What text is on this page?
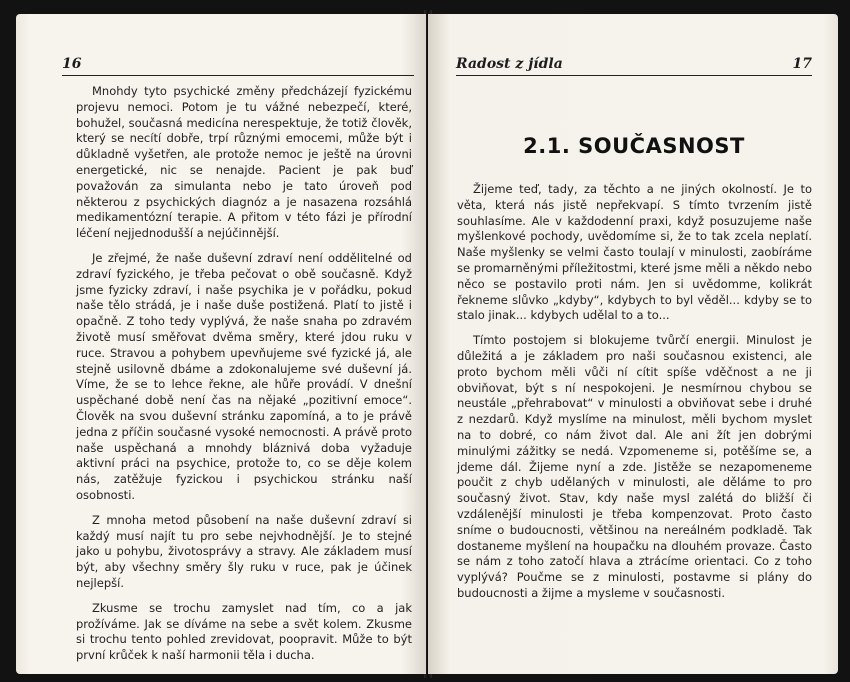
16

Mnohdy tyto psychické změny předcházejí fyzickému projevu nemoci. Potom je tu vážné nebezpečí, které, bohužel, současná medicína nerespektuje, že totiž člověk, který se necítí dobře, trpí různými emocemi, může být i důkladně vyšetřen, ale protože nemoc je ještě na úrovni energetické, nic se nenajde. Pacient je pak buď považován za simulanta nebo je tato úroveň pod některou z psychických diagnóz a je nasazena rozsáhlá medikamentózní terapie. A přitom v této fázi je přírodní léčení nejjednodušší a nejúčinnější.

Je zřejmé, že naše duševní zdraví není oddělitelné od zdraví fyzického, je třeba pečovat o obě současně. Když jsme fyzicky zdraví, i naše psychika je v pořádku, pokud naše tělo strádá, je i naše duše postižená. Platí to jistě i opačně. Z toho tedy vyplývá, že naše snaha po zdravém životě musí směřovat dvěma směry, které jdou ruku v ruce. Stravou a pohybem upevňujeme své fyzické já, ale stejně usilovně dbáme a zdokonalujeme své duševní já. Víme, že se to lehce řekne, ale hůře provádí. V dnešní uspěchané době není čas na nějaké „pozitivní emoce“. Člověk na svou duševní stránku zapomíná, a to je právě jedna z příčin současné vysoké nemocnosti. A právě proto naše uspěchaná a mnohdy bláznivá doba vyžaduje aktivní práci na psychice, protože to, co se děje kolem nás, zatěžuje fyzickou i psychickou stránku naší osobnosti.

Z mnoha metod působení na naše duševní zdraví si každý musí najít tu pro sebe nejvhodnější. Je to stejné jako u pohybu, životosprávy a stravy. Ale základem musí být, aby všechny směry šly ruku v ruce, pak je účinek nejlepší.

Zkusme se trochu zamyslet nad tím, co a jak prožíváme. Jak se díváme na sebe a svět kolem. Zkusme si trochu tento pohled zrevidovat, poopravit. Může to být první krůček k naší harmonii těla i ducha.

Radost z jídla	17
2.1. SOUČASNOST

Žijeme teď, tady, za těchto a ne jiných okolností. Je to věta, která nás jistě nepřekvapí. S tímto tvrzením jistě souhlasíme. Ale v každodenní praxi, když posuzujeme naše myšlenkové pochody, uvědomíme si, že to tak zcela neplatí. Naše myšlenky se velmi často toulají v minulosti, zaobíráme se promarněnými příležitostmi, které jsme měli a někdo nebo něco se postavilo proti nám. Jen si uvědomme, kolikrát řekneme slůvko „kdyby“, kdybych to byl věděl... kdyby se to stalo jinak... kdybych udělal to a to...

Tímto postojem si blokujeme tvůrčí energii. Minulost je důležitá a je základem pro naši současnou existenci, ale proto bychom měli vůči ní cítit spíše vděčnost a ne ji obviňovat, být s ní nespokojeni. Je nesmírnou chybou se neustále „přehrabovat“ v minulosti a obviňovat sebe i druhé z nezdarů. Když myslíme na minulost, měli bychom myslet na to dobré, co nám život dal. Ale ani žít jen dobrými minulými zážitky se nedá. Vzpomeneme si, potěšíme se, a jdeme dál. Žijeme nyní a zde. Jistěže se nezapomeneme poučit z chyb udělaných v minulosti, ale děláme to pro současný život. Stav, kdy naše mysl zalétá do bližší či vzdálenější minulosti je třeba kompenzovat. Proto často sníme o budoucnosti, většinou na nereálném podkladě. Tak dostaneme myšlení na houpačku na dlouhém provaze. Často se nám z toho zatočí hlava a ztrácíme orientaci. Co z toho vyplývá? Poučme se z minulosti, postavme si plány do budoucnosti a žijme a mysleme v současnosti.
